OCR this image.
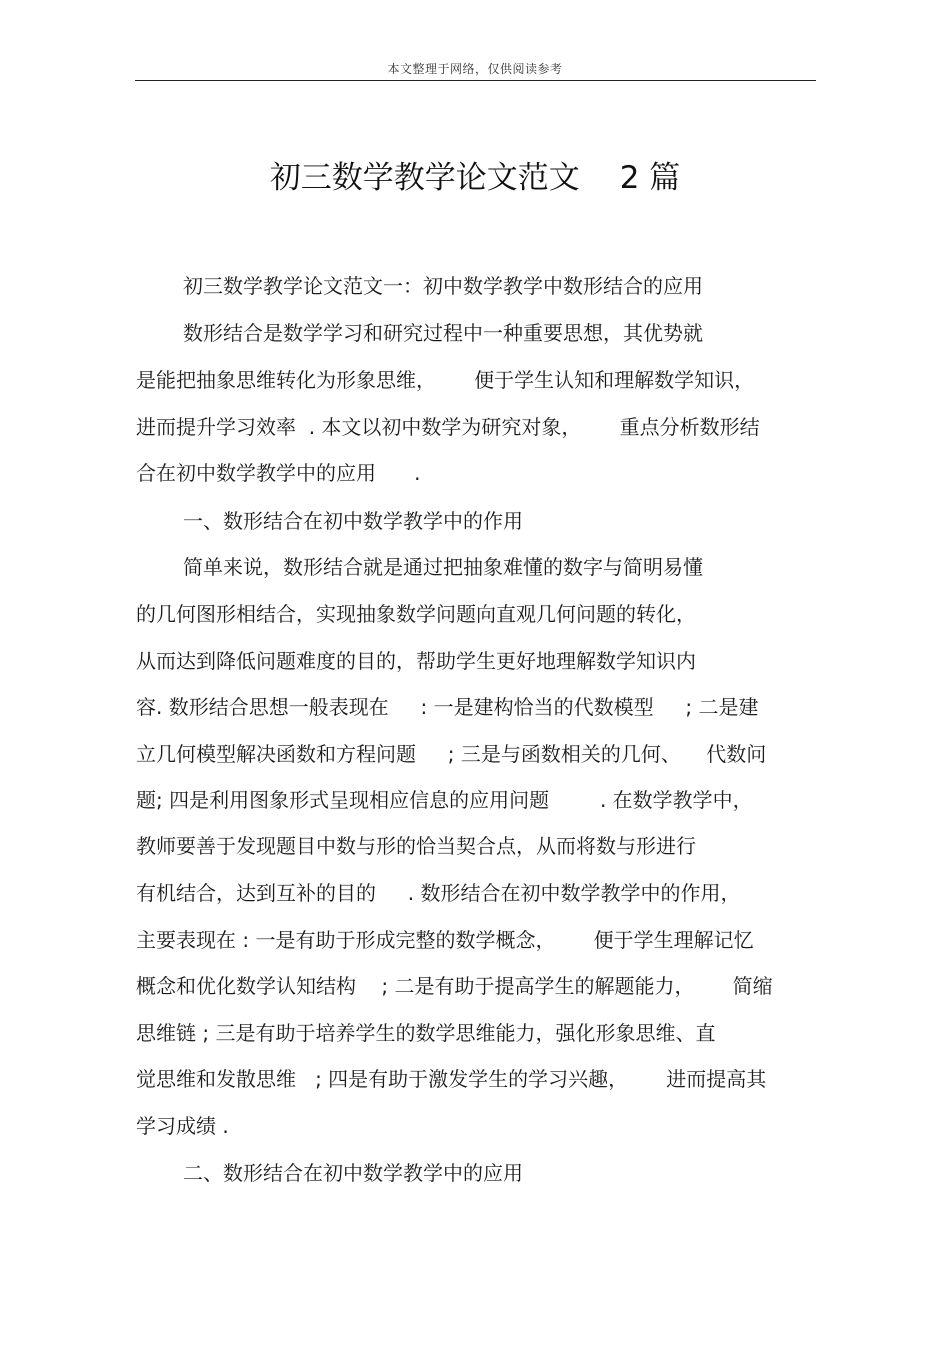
本文整理于网络，仅供阅读参考
初三数学教学论文范文 2 篇
初三数学教学论文范文一：初中数学教学中数形结合的应用
数形结合是数学学习和研究过程中一种重要思想，其优势就
是能把抽象思维转化为形象思维，      便于学生认知和理解数学知识，
进而提升学习效率  . 本文以初中数学为研究对象，      重点分析数形结
合在初中数学教学中的应用      .
一、数形结合在初中数学教学中的作用
简单来说，数形结合就是通过把抽象难懂的数字与简明易懂
的几何图形相结合，实现抽象数学问题向直观几何问题的转化，
从而达到降低问题难度的目的，帮助学生更好地理解数学知识内
容. 数形结合思想一般表现在     : 一是建构恰当的代数模型     ; 二是建
立几何模型解决函数和方程问题     ; 三是与函数相关的几何、    代数问
题; 四是利用图象形式呈现相应信息的应用问题        . 在数学教学中，
教师要善于发现题目中数与形的恰当契合点，从而将数与形进行
有机结合，达到互补的目的     . 数形结合在初中数学教学中的作用，
主要表现在 : 一是有助于形成完整的数学概念，      便于学生理解记忆
概念和优化数学认知结构    ; 二是有助于提高学生的解题能力，      简缩
思维链 ; 三是有助于培养学生的数学思维能力，强化形象思维、直
觉思维和发散思维   ; 四是有助于激发学生的学习兴趣，      进而提高其
学习成绩 .
二、数形结合在初中数学教学中的应用
